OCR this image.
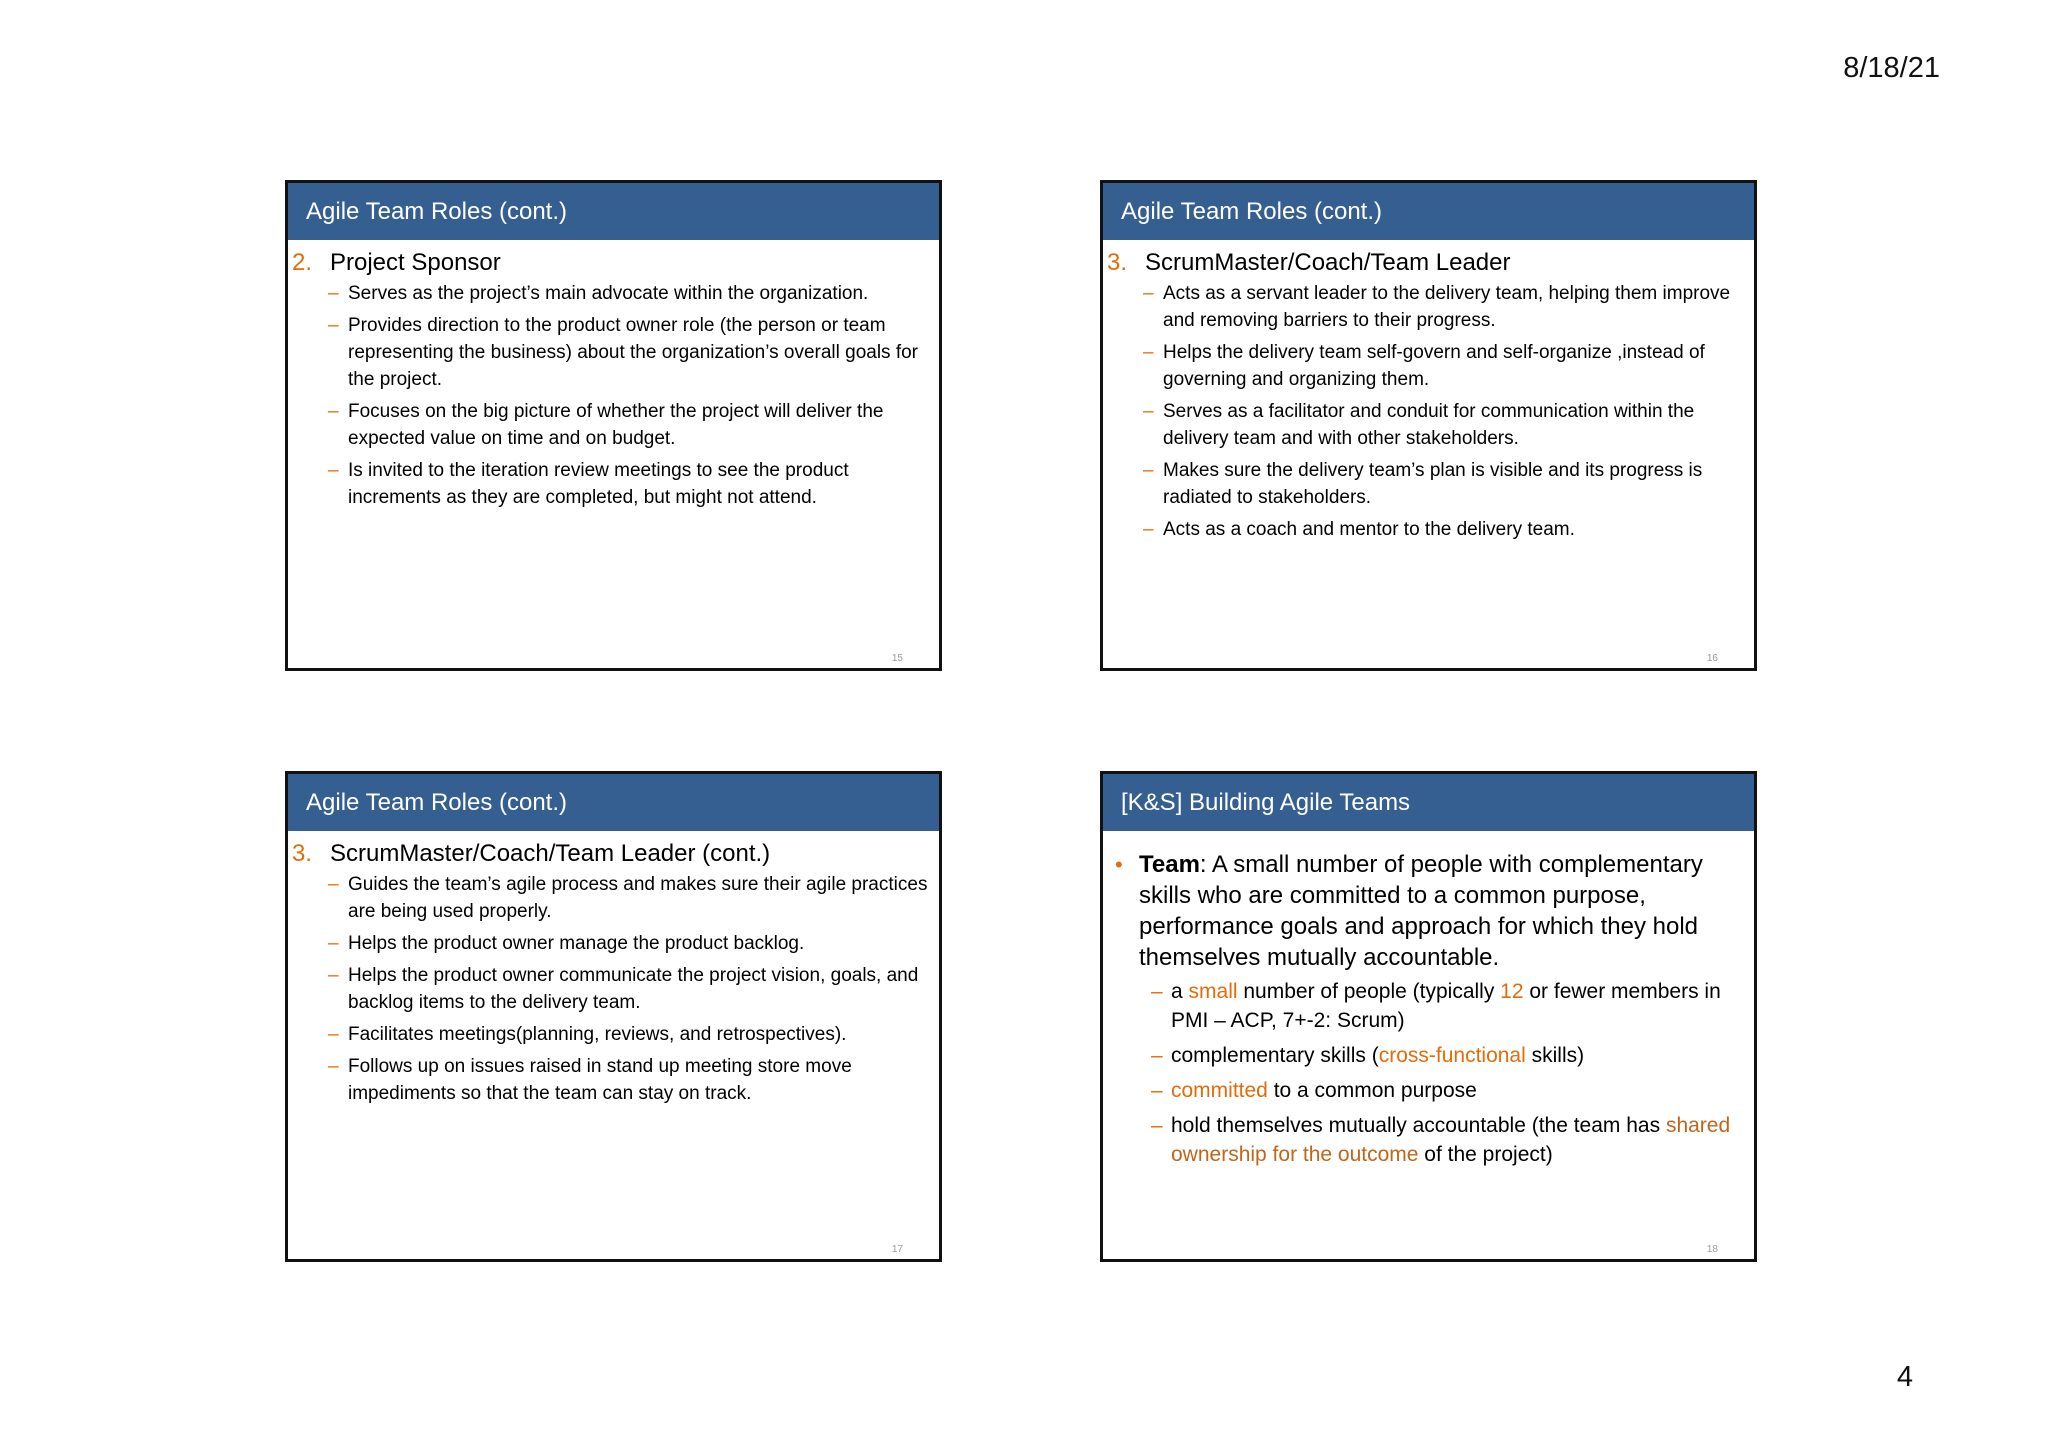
8/18/21
Agile Team Roles (cont.)
2. Project Sponsor
– Serves as the project’s main advocate within the organization.
– Provides direction to the product owner role (the person or team representing the business) about the organization’s overall goals for the project.
– Focuses on the big picture of whether the project will deliver the expected value on time and on budget.
– Is invited to the iteration review meetings to see the product increments as they are completed, but might not attend.
15
Agile Team Roles (cont.)
3. ScrumMaster/Coach/Team Leader
– Acts as a servant leader to the delivery team, helping them improve and removing barriers to their progress.
– Helps the delivery team self-govern and self-organize ,instead of governing and organizing them.
– Serves as a facilitator and conduit for communication within the delivery team and with other stakeholders.
– Makes sure the delivery team’s plan is visible and its progress is radiated to stakeholders.
– Acts as a coach and mentor to the delivery team.
16
Agile Team Roles (cont.)
3. ScrumMaster/Coach/Team Leader (cont.)
– Guides the team’s agile process and makes sure their agile practices are being used properly.
– Helps the product owner manage the product backlog.
– Helps the product owner communicate the project vision, goals, and backlog items to the delivery team.
– Facilitates meetings(planning, reviews, and retrospectives).
– Follows up on issues raised in stand up meeting store move impediments so that the team can stay on track.
17
[K&S] Building Agile Teams
• Team: A small number of people with complementary skills who are committed to a common purpose, performance goals and approach for which they hold themselves mutually accountable.
– a small number of people (typically 12 or fewer members in PMI – ACP, 7+-2: Scrum)
– complementary skills (cross-functional skills)
– committed to a common purpose
– hold themselves mutually accountable (the team has shared ownership for the outcome of the project)
18
4
